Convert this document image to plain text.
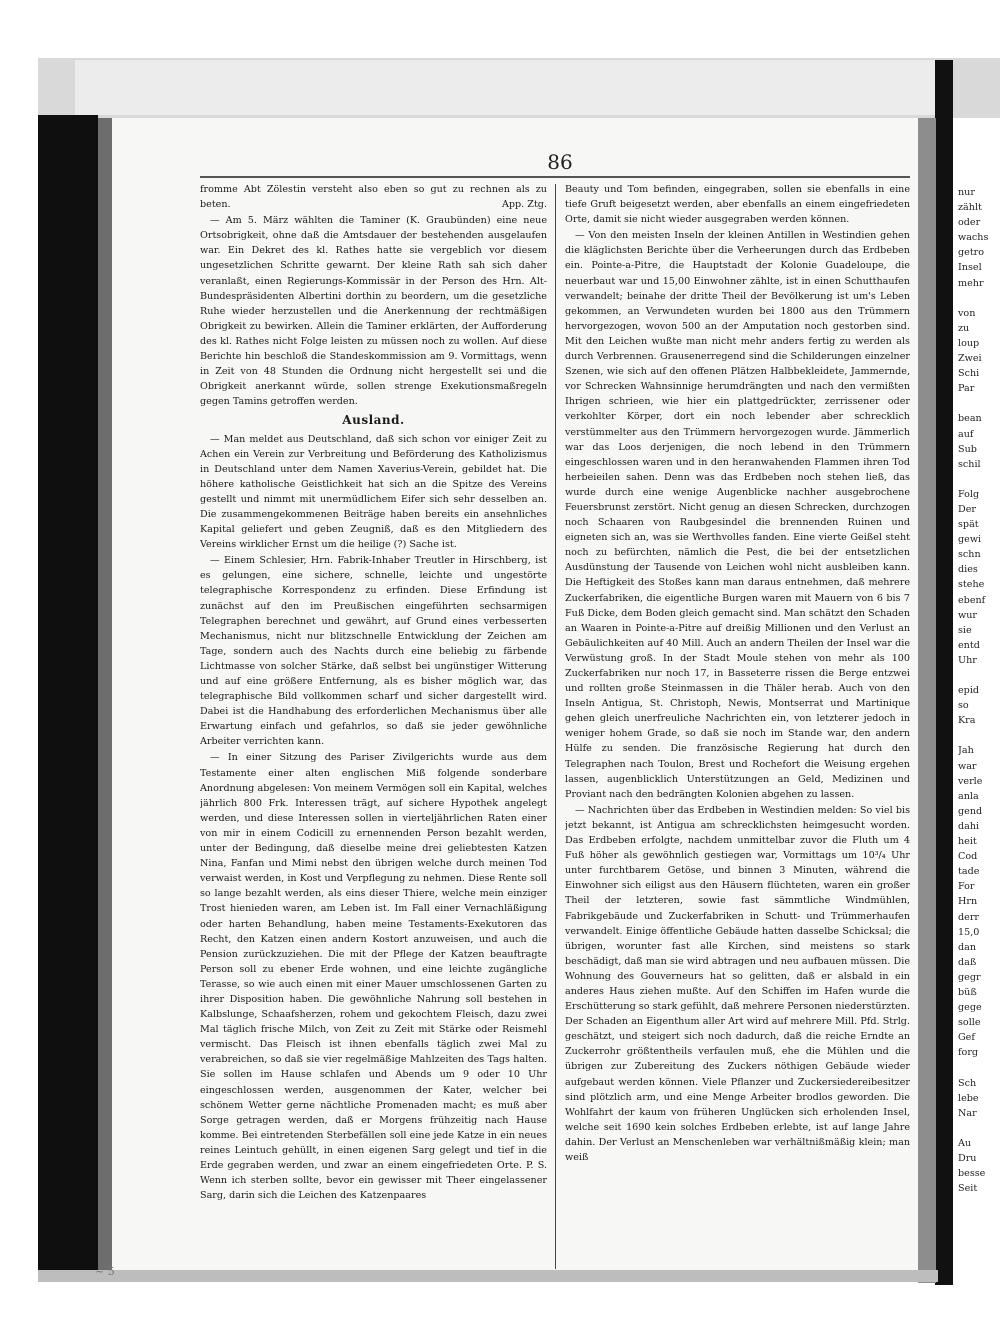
86

fromme Abt Zölestin versteht also eben so gut zu rechnen als zu beten.	App. Ztg.

— Am 5. März wählten die Taminer (K. Graubünden) eine neue Ortsobrigkeit, ohne daß die Amtsdauer der bestehenden ausgelaufen war. Ein Dekret des kl. Rathes hatte sie vergeblich vor diesem ungesetzlichen Schritte gewarnt. Der kleine Rath sah sich daher veranlaßt, einen Regierungs-Kommissär in der Person des Hrn. Alt-Bundespräsidenten Albertini dorthin zu beordern, um die gesetzliche Ruhe wieder herzustellen und die Anerkennung der rechtmäßigen Obrigkeit zu bewirken. Allein die Taminer erklärten, der Aufforderung des kl. Rathes nicht Folge leisten zu müssen noch zu wollen. Auf diese Berichte hin beschloß die Standeskommission am 9. Vormittags, wenn in Zeit von 48 Stunden die Ordnung nicht hergestellt sei und die Obrigkeit anerkannt würde, sollen strenge Exekutionsmaßregeln gegen Tamins getroffen werden.

Ausland.

— Man meldet aus Deutschland, daß sich schon vor einiger Zeit zu Achen ein Verein zur Verbreitung und Beförderung des Katholizismus in Deutschland unter dem Namen Xaverius-Verein, gebildet hat. Die höhere katholische Geistlichkeit hat sich an die Spitze des Vereins gestellt und nimmt mit unermüdlichem Eifer sich sehr desselben an. Die zusammengekommenen Beiträge haben bereits ein ansehnliches Kapital geliefert und geben Zeugniß, daß es den Mitgliedern des Vereins wirklicher Ernst um die heilige (?) Sache ist.

— Einem Schlesier, Hrn. Fabrik-Inhaber Treutler in Hirschberg, ist es gelungen, eine sichere, schnelle, leichte und ungestörte telegraphische Korrespondenz zu erfinden. Diese Erfindung ist zunächst auf den im Preußischen eingeführten sechsarmigen Telegraphen berechnet und gewährt, auf Grund eines verbesserten Mechanismus, nicht nur blitzschnelle Entwicklung der Zeichen am Tage, sondern auch des Nachts durch eine beliebig zu färbende Lichtmasse von solcher Stärke, daß selbst bei ungünstiger Witterung und auf eine größere Entfernung, als es bisher möglich war, das telegraphische Bild vollkommen scharf und sicher dargestellt wird. Dabei ist die Handhabung des erforderlichen Mechanismus über alle Erwartung einfach und gefahrlos, so daß sie jeder gewöhnliche Arbeiter verrichten kann.

— In einer Sitzung des Pariser Zivilgerichts wurde aus dem Testamente einer alten englischen Miß folgende sonderbare Anordnung abgelesen: Von meinem Vermögen soll ein Kapital, welches jährlich 800 Frk. Interessen trägt, auf sichere Hypothek angelegt werden, und diese Interessen sollen in vierteljährlichen Raten einer von mir in einem Codicill zu ernennenden Person bezahlt werden, unter der Bedingung, daß dieselbe meine drei geliebtesten Katzen Nina, Fanfan und Mimi nebst den übrigen welche durch meinen Tod verwaist werden, in Kost und Verpflegung zu nehmen. Diese Rente soll so lange bezahlt werden, als eins dieser Thiere, welche mein einziger Trost hienieden waren, am Leben ist. Im Fall einer Vernachläßigung oder harten Behandlung, haben meine Testaments-Exekutoren das Recht, den Katzen einen andern Kostort anzuweisen, und auch die Pension zurückzuziehen. Die mit der Pflege der Katzen beauftragte Person soll zu ebener Erde wohnen, und eine leichte zugängliche Terasse, so wie auch einen mit einer Mauer umschlossenen Garten zu ihrer Disposition haben. Die gewöhnliche Nahrung soll bestehen in Kalbslunge, Schaafsherzen, rohem und gekochtem Fleisch, dazu zwei Mal täglich frische Milch, von Zeit zu Zeit mit Stärke oder Reismehl vermischt. Das Fleisch ist ihnen ebenfalls täglich zwei Mal zu verabreichen, so daß sie vier regelmäßige Mahlzeiten des Tags halten. Sie sollen im Hause schlafen und Abends um 9 oder 10 Uhr eingeschlossen werden, ausgenommen der Kater, welcher bei schönem Wetter gerne nächtliche Promenaden macht; es muß aber Sorge getragen werden, daß er Morgens frühzeitig nach Hause komme. Bei eintretenden Sterbefällen soll eine jede Katze in ein neues reines Leintuch gehüllt, in einen eigenen Sarg gelegt und tief in die Erde gegraben werden, und zwar an einem eingefriedeten Orte. P. S. Wenn ich sterben sollte, bevor ein gewisser mit Theer eingelassener Sarg, darin sich die Leichen des Katzenpaares

Beauty und Tom befinden, eingegraben, sollen sie ebenfalls in eine tiefe Gruft beigesetzt werden, aber ebenfalls an einem eingefriedeten Orte, damit sie nicht wieder ausgegraben werden können.

— Von den meisten Inseln der kleinen Antillen in Westindien gehen die kläglichsten Berichte über die Verheerungen durch das Erdbeben ein. Pointe-a-Pitre, die Hauptstadt der Kolonie Guadeloupe, die neuerbaut war und 15,00 Einwohner zählte, ist in einen Schutthaufen verwandelt; beinahe der dritte Theil der Bevölkerung ist um's Leben gekommen, an Verwundeten wurden bei 1800 aus den Trümmern hervorgezogen, wovon 500 an der Amputation noch gestorben sind. Mit den Leichen wußte man nicht mehr anders fertig zu werden als durch Verbrennen. Grausenerregend sind die Schilderungen einzelner Szenen, wie sich auf den offenen Plätzen Halbbekleidete, Jammernde, vor Schrecken Wahnsinnige herumdrängten und nach den vermißten Ihrigen schrieen, wie hier ein plattgedrückter, zerrissener oder verkohlter Körper, dort ein noch lebender aber schrecklich verstümmelter aus den Trümmern hervorgezogen wurde. Jämmerlich war das Loos derjenigen, die noch lebend in den Trümmern eingeschlossen waren und in den heranwahenden Flammen ihren Tod herbeieilen sahen. Denn was das Erdbeben noch stehen ließ, das wurde durch eine wenige Augenblicke nachher ausgebrochene Feuersbrunst zerstört. Nicht genug an diesen Schrecken, durchzogen noch Schaaren von Raubgesindel die brennenden Ruinen und eigneten sich an, was sie Werthvolles fanden. Eine vierte Geißel steht noch zu befürchten, nämlich die Pest, die bei der entsetzlichen Ausdünstung der Tausende von Leichen wohl nicht ausbleiben kann. Die Heftigkeit des Stoßes kann man daraus entnehmen, daß mehrere Zuckerfabriken, die eigentliche Burgen waren mit Mauern von 6 bis 7 Fuß Dicke, dem Boden gleich gemacht sind. Man schätzt den Schaden an Waaren in Pointe-a-Pitre auf dreißig Millionen und den Verlust an Gebäulichkeiten auf 40 Mill. Auch an andern Theilen der Insel war die Verwüstung groß. In der Stadt Moule stehen von mehr als 100 Zuckerfabriken nur noch 17, in Basseterre rissen die Berge entzwei und rollten große Steinmassen in die Thäler herab. Auch von den Inseln Antigua, St. Christoph, Newis, Montserrat und Martinique gehen gleich unerfreuliche Nachrichten ein, von letzterer jedoch in weniger hohem Grade, so daß sie noch im Stande war, den andern Hülfe zu senden. Die französische Regierung hat durch den Telegraphen nach Toulon, Brest und Rochefort die Weisung ergehen lassen, augenblicklich Unterstützungen an Geld, Medizinen und Proviant nach den bedrängten Kolonien abgehen zu lassen.

— Nachrichten über das Erdbeben in Westindien melden: So viel bis jetzt bekannt, ist Antigua am schrecklichsten heimgesucht worden. Das Erdbeben erfolgte, nachdem unmittelbar zuvor die Fluth um 4 Fuß höher als gewöhnlich gestiegen war, Vormittags um 10³/₄ Uhr unter furchtbarem Getöse, und binnen 3 Minuten, während die Einwohner sich eiligst aus den Häusern flüchteten, waren ein großer Theil der letzteren, sowie fast sämmtliche Windmühlen, Fabrikgebäude und Zuckerfabriken in Schutt- und Trümmerhaufen verwandelt. Einige öffentliche Gebäude hatten dasselbe Schicksal; die übrigen, worunter fast alle Kirchen, sind meistens so stark beschädigt, daß man sie wird abtragen und neu aufbauen müssen. Die Wohnung des Gouverneurs hat so gelitten, daß er alsbald in ein anderes Haus ziehen mußte. Auf den Schiffen im Hafen wurde die Erschütterung so stark gefühlt, daß mehrere Personen niederstürzten. Der Schaden an Eigenthum aller Art wird auf mehrere Mill. Pfd. Strlg. geschätzt, und steigert sich noch dadurch, daß die reiche Erndte an Zuckerrohr größtentheils verfaulen muß, ehe die Mühlen und die übrigen zur Zubereitung des Zuckers nöthigen Gebäude wieder aufgebaut werden können. Viele Pflanzer und Zuckersiedereibesitzer sind plötzlich arm, und eine Menge Arbeiter brodlos geworden. Die Wohlfahrt der kaum von früheren Unglücken sich erholenden Insel, welche seit 1690 kein solches Erdbeben erlebte, ist auf lange Jahre dahin. Der Verlust an Menschenleben war verhältnißmäßig klein; man weiß

nur
zählt
oder
wachs
getro
Insel
mehr
von
zu
loup
Zwei
Schi
Par
bean
auf
Sub
schil
Folg
Der
spät
gewi
schn
dies
stehe
ebenf
wur
sie
entd
Uhr
epid
so
Kra
Jah
war
verle
anla
gend
dahi
heit
Cod
tade
For
Hrn
derr
15,0
dan
daß
gegr
büß
gege
solle
Gef
forg
Sch
lebe
Nar
Au
Dru
besse
Seit
~ 5
